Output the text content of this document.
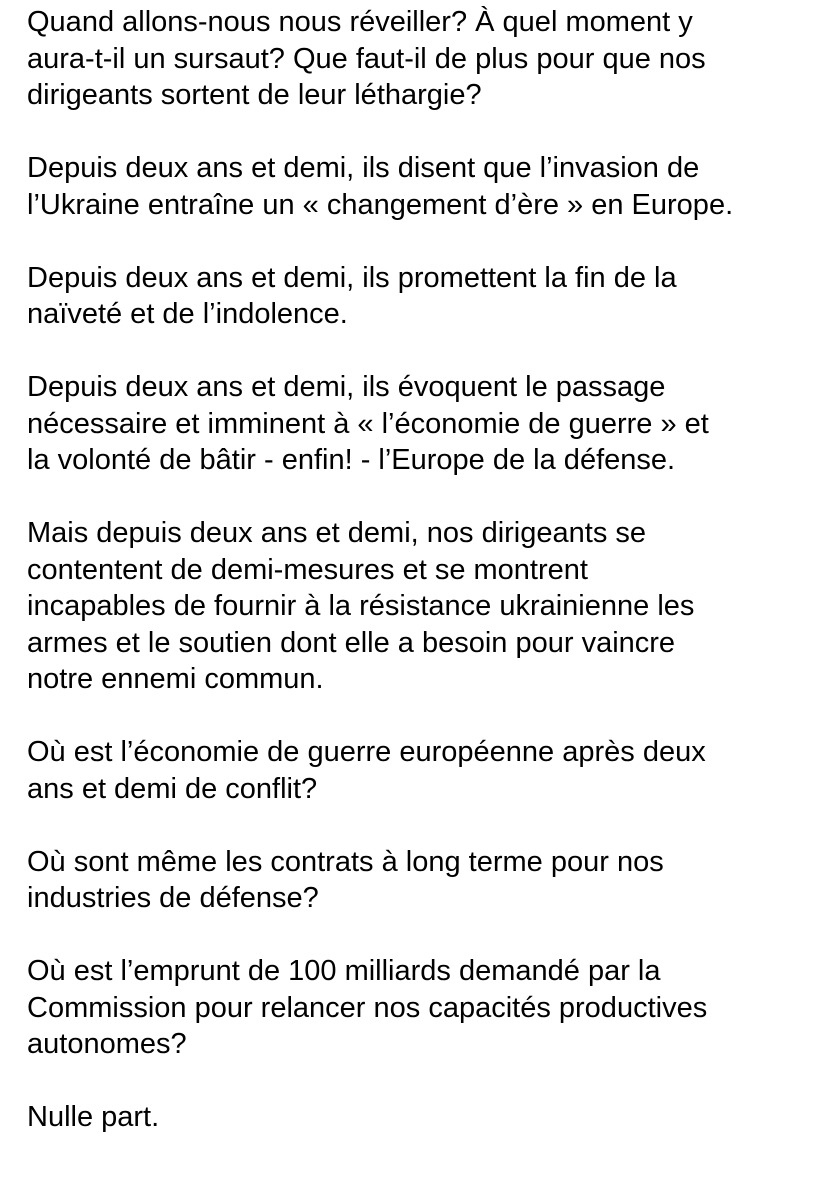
Quand allons-nous nous réveiller? À quel moment y
aura-t-il un sursaut? Que faut-il de plus pour que nos
dirigeants sortent de leur léthargie?

Depuis deux ans et demi, ils disent que l’invasion de
l’Ukraine entraîne un « changement d’ère » en Europe.

Depuis deux ans et demi, ils promettent la fin de la
naïveté et de l’indolence.

Depuis deux ans et demi, ils évoquent le passage
nécessaire et imminent à « l’économie de guerre » et
la volonté de bâtir - enfin! - l’Europe de la défense.

Mais depuis deux ans et demi, nos dirigeants se
contentent de demi-mesures et se montrent
incapables de fournir à la résistance ukrainienne les
armes et le soutien dont elle a besoin pour vaincre
notre ennemi commun.

Où est l’économie de guerre européenne après deux
ans et demi de conflit?

Où sont même les contrats à long terme pour nos
industries de défense?

Où est l’emprunt de 100 milliards demandé par la
Commission pour relancer nos capacités productives
autonomes?

Nulle part.
